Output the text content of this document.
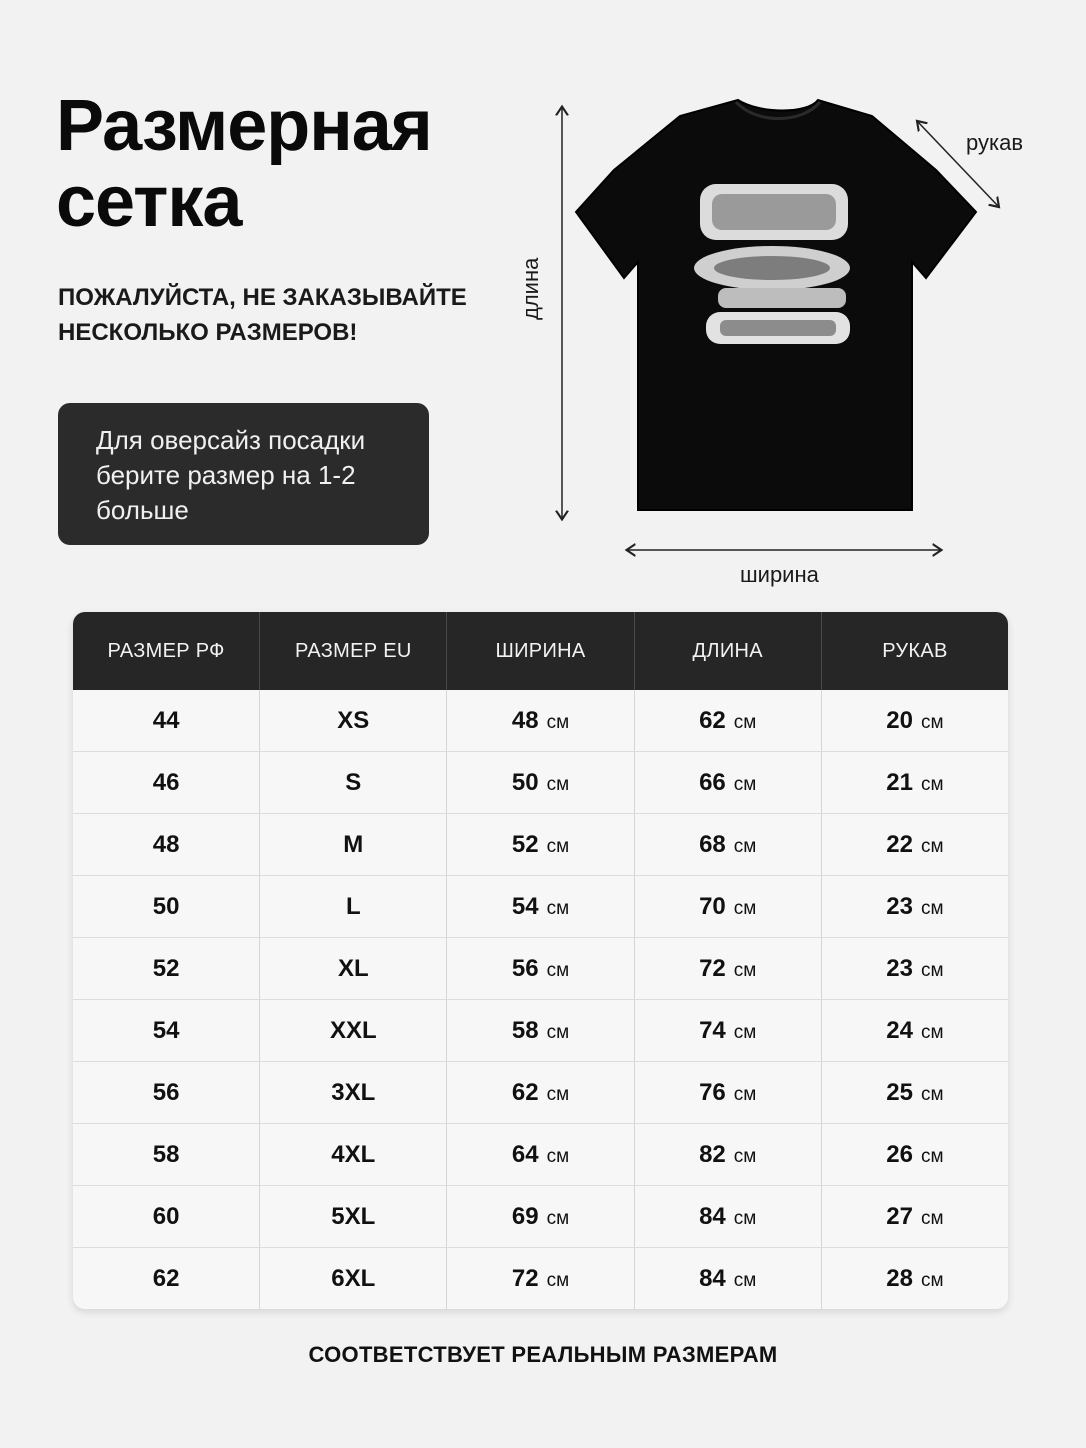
Размерная
сетка
ПОЖАЛУЙСТА, НЕ ЗАКАЗЫВАЙТЕ НЕСКОЛЬКО РАЗМЕРОВ!
Для оверсайз посадки берите размер на 1-2 больше
длина
рукав
ширина
РАЗМЕР РФ	РАЗМЕР EU	ШИРИНА	ДЛИНА	РУКАВ
44	XS	48 см	62 см	20 см
46	S	50 см	66 см	21 см
48	M	52 см	68 см	22 см
50	L	54 см	70 см	23 см
52	XL	56 см	72 см	23 см
54	XXL	58 см	74 см	24 см
56	3XL	62 см	76 см	25 см
58	4XL	64 см	82 см	26 см
60	5XL	69 см	84 см	27 см
62	6XL	72 см	84 см	28 см
СООТВЕТСТВУЕТ РЕАЛЬНЫМ РАЗМЕРАМ
